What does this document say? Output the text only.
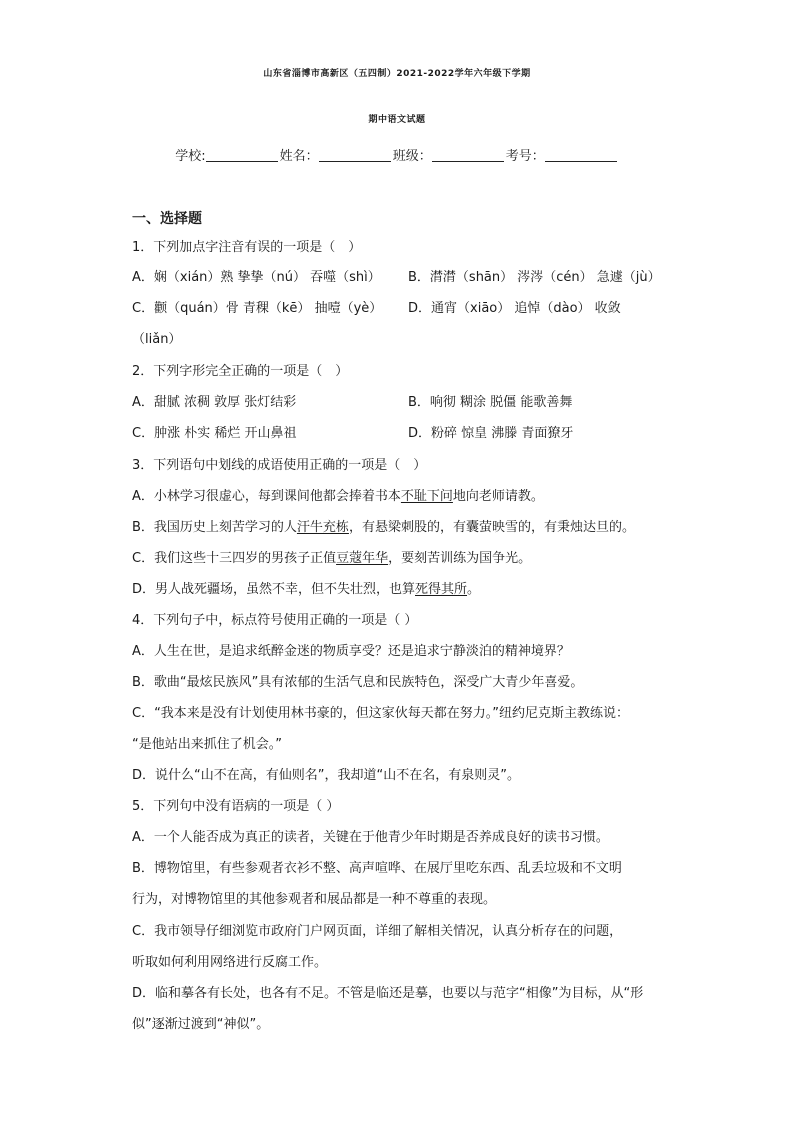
山东省淄博市高新区（五四制）2021-2022学年六年级下学期
期中语文试题
学校:	姓名：	班级：	考号：
一、选择题
1．下列加点字注音有误的一项是（　）
A．娴（xián）熟 挚挚（nú） 吞噬（shì） B．潸潸（shān） 涔涔（cén） 急遽（jù）
C．颧（quán）骨 青稞（kē） 抽噎（yè） D．通宵（xiāo） 追悼（dào） 收敛
（liǎn）
2．下列字形完全正确的一项是（　）
A．甜腻 浓稠 敦厚 张灯结彩	B．响彻 糊涂 脱僵 能歌善舞
C．肿涨 朴实 稀烂 开山鼻祖	D．粉碎 惊皇 沸滕 青面獠牙
3．下列语句中划线的成语使用正确的一项是（　）
A．小林学习很虚心，每到课间他都会捧着书本不耻下问地向老师请教。
B．我国历史上刻苦学习的人汗牛充栋，有悬梁刺股的，有囊萤映雪的，有秉烛达旦的。
C．我们这些十三四岁的男孩子正值豆蔻年华，要刻苦训练为国争光。
D．男人战死疆场，虽然不幸，但不失壮烈，也算死得其所。
4．下列句子中，标点符号使用正确的一项是（ ）
A．人生在世，是追求纸醉金迷的物质享受？还是追求宁静淡泊的精神境界？
B．歌曲“最炫民族风”具有浓郁的生活气息和民族特色，深受广大青少年喜爱。
C．“我本来是没有计划使用林书豪的，但这家伙每天都在努力。”纽约尼克斯主教练说：
“是他站出来抓住了机会。”
D．说什么“山不在高，有仙则名”，我却道“山不在名，有泉则灵”。
5．下列句中没有语病的一项是（ ）
A．一个人能否成为真正的读者，关键在于他青少年时期是否养成良好的读书习惯。
B．博物馆里，有些参观者衣衫不整、高声喧哗、在展厅里吃东西、乱丢垃圾和不文明
行为，对博物馆里的其他参观者和展品都是一种不尊重的表现。
C．我市领导仔细浏览市政府门户网页面，详细了解相关情况，认真分析存在的问题，
听取如何利用网络进行反腐工作。
D．临和摹各有长处，也各有不足。不管是临还是摹，也要以与范字“相像”为目标，从“形
似”逐渐过渡到“神似”。
